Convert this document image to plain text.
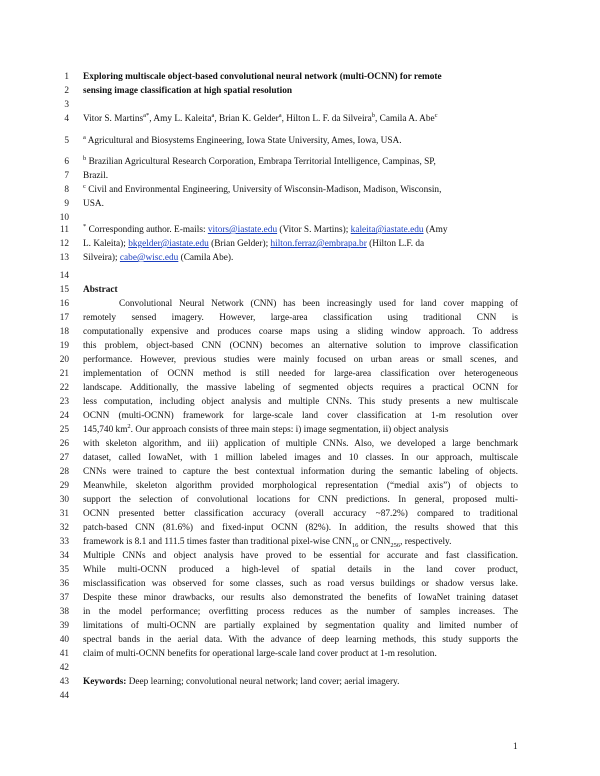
1 Exploring multiscale object-based convolutional neural network (multi-OCNN) for remote
2 sensing image classification at high spatial resolution
3
4 Vitor S. Martins$^{a*}$, Amy L. Kaleita$^a$, Brian K. Gelder$^a$, Hilton L. F. da Silveira$^b$, Camila A. Abe$^c$
5 $^a$ Agricultural and Biosystems Engineering, Iowa State University, Ames, Iowa, USA.
6 $^b$ Brazilian Agricultural Research Corporation, Embrapa Territorial Intelligence, Campinas, SP,
7 Brazil.
8 $^c$ Civil and Environmental Engineering, University of Wisconsin-Madison, Madison, Wisconsin,
9 USA.
10
11 * Corresponding author. E-mails: vitors@iastate.edu (Vitor S. Martins); kaleita@iastate.edu (Amy
12 L. Kaleita); bkgelder@iastate.edu (Brian Gelder); hilton.ferraz@embrapa.br (Hilton L.F. da
13 Silveira); cabe@wisc.edu (Camila Abe).
14
15 Abstract
16	Convolutional Neural Network (CNN) has been increasingly used for land cover mapping of
17 remotely sensed imagery. However, large-area classification using traditional CNN is
18 computationally expensive and produces coarse maps using a sliding window approach. To address
19 this problem, object-based CNN (OCNN) becomes an alternative solution to improve classification
20 performance. However, previous studies were mainly focused on urban areas or small scenes, and
21 implementation of OCNN method is still needed for large-area classification over heterogeneous
22 landscape. Additionally, the massive labeling of segmented objects requires a practical OCNN for
23 less computation, including object analysis and multiple CNNs. This study presents a new multiscale
24 OCNN (multi-OCNN) framework for large-scale land cover classification at 1-m resolution over
25 145,740 $km^2$. Our approach consists of three main steps: i) image segmentation, ii) object analysis
26 with skeleton algorithm, and iii) application of multiple CNNs. Also, we developed a large benchmark
27 dataset, called IowaNet, with 1 million labeled images and 10 classes. In our approach, multiscale
28 CNNs were trained to capture the best contextual information during the semantic labeling of objects.
29 Meanwhile, skeleton algorithm provided morphological representation (“medial axis”) of objects to
30 support the selection of convolutional locations for CNN predictions. In general, proposed multi-
31 OCNN presented better classification accuracy (overall accuracy ~87.2%) compared to traditional
32 patch-based CNN (81.6%) and fixed-input OCNN (82%). In addition, the results showed that this
33 framework is 8.1 and 111.5 times faster than traditional pixel-wise $CNN_{16}$ or $CNN_{256}$, respectively.
34 Multiple CNNs and object analysis have proved to be essential for accurate and fast classification.
35 While multi-OCNN produced a high-level of spatial details in the land cover product,
36 misclassification was observed for some classes, such as road versus buildings or shadow versus lake.
37 Despite these minor drawbacks, our results also demonstrated the benefits of IowaNet training dataset
38 in the model performance; overfitting process reduces as the number of samples increases. The
39 limitations of multi-OCNN are partially explained by segmentation quality and limited number of
40 spectral bands in the aerial data. With the advance of deep learning methods, this study supports the
41 claim of multi-OCNN benefits for operational large-scale land cover product at 1-m resolution.
42
43 Keywords: Deep learning; convolutional neural network; land cover; aerial imagery.
44
1
